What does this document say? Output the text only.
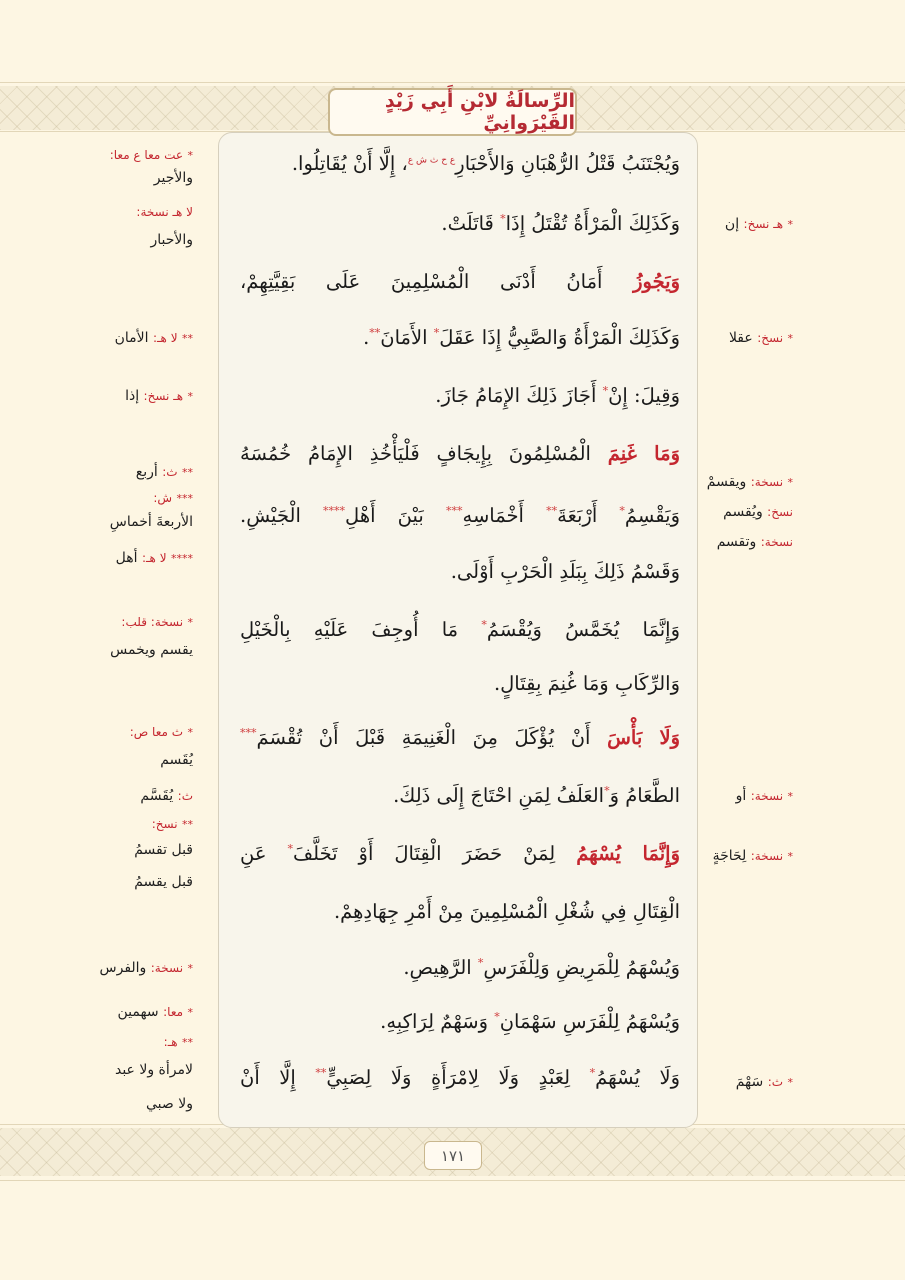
الرِّسالَةُ لابْنِ أَبِي زَيْدٍ القَيْرَوانِيِّ
وَيُجْتَنَبُ قَتْلُ الرُّهْبَانِ وَالأَحْبَارِ$^{ع ح ث ش ع}$، إِلَّا أَنْ يُقَاتِلُوا.
وَكَذَلِكَ الْمَرْأَةُ تُقْتَلُ إِذَا* قَاتَلَتْ.
وَيَجُوزُ أَمَانُ أَدْنَى الْمُسْلِمِينَ عَلَى بَقِيَّتِهِمْ،
وَكَذَلِكَ الْمَرْأَةُ وَالصَّبِيُّ إِذَا عَقَلَ* الأَمَانَ**.
وَقِيلَ: إِنْ* أَجَازَ ذَلِكَ الإِمَامُ جَازَ.
وَمَا غَنِمَ الْمُسْلِمُونَ بِإِيجَافٍ فَلْيَأْخُذِ الإِمَامُ خُمُسَهُ
وَيَقْسِمُ* أَرْبَعَةَ** أَخْمَاسِهِ*** بَيْنَ أَهْلِ**** الْجَيْشِ.
وَقَسْمُ ذَلِكَ بِبَلَدِ الْحَرْبِ أَوْلَى.
وَإِنَّمَا يُخَمَّسُ وَيُقْسَمُ* مَا أُوجِفَ عَلَيْهِ بِالْخَيْلِ
وَالرِّكَابِ وَمَا غُنِمَ بِقِتَالٍ.
وَلَا بَأْسَ أَنْ يُؤْكَلَ مِنَ الْغَنِيمَةِ قَبْلَ أَنْ تُقْسَمَ***
الطَّعَامُ وَ*العَلَفُ لِمَنِ احْتَاجَ إِلَى ذَلِكَ.
وَإِنَّمَا يُسْهَمُ لِمَنْ حَضَرَ الْقِتَالَ أَوْ تَخَلَّفَ* عَنِ
الْقِتَالِ فِي شُغْلِ الْمُسْلِمِينَ مِنْ أَمْرِ جِهَادِهِمْ.
وَيُسْهَمُ لِلْمَرِيضِ وَلِلْفَرَسِ* الرَّهِيصِ.
وَيُسْهَمُ لِلْفَرَسِ سَهْمَانِ* وَسَهْمٌ لِرَاكِبِهِ.
وَلَا يُسْهَمُ* لِعَبْدٍ وَلَا لِامْرَأَةٍ وَلَا لِصَبِيٍّ** إِلَّا أَنْ
* عت معا ع معا:
والأجير
لا هـ نسخة:
والأحبار
** لا هـ: الأمان
* هـ نسخ: إذا
** ث: أربع
*** ش:
الأربعةَ أخماسِ
**** لا هـ: أهل
* نسخة: قلب:
يقسم ويخمس
* ث معا ص:
يُقَسم
ث: يُقَسَّم
** نسخ:
قبل تقسمُ
قبل يقسمُ
* نسخة: والفرس
* معا: سهمين
** هـ:
لامرأة ولا عبد
ولا صبي
* هـ نسخ: إن
* نسخ: عقلا
* نسخة: ويقسمْ
نسخ: ويُقسم
نسخة: وتقسم
* نسخة: أو
* نسخة: لِحَاجَةٍ
* ث: سَهْمَ
١٧١
